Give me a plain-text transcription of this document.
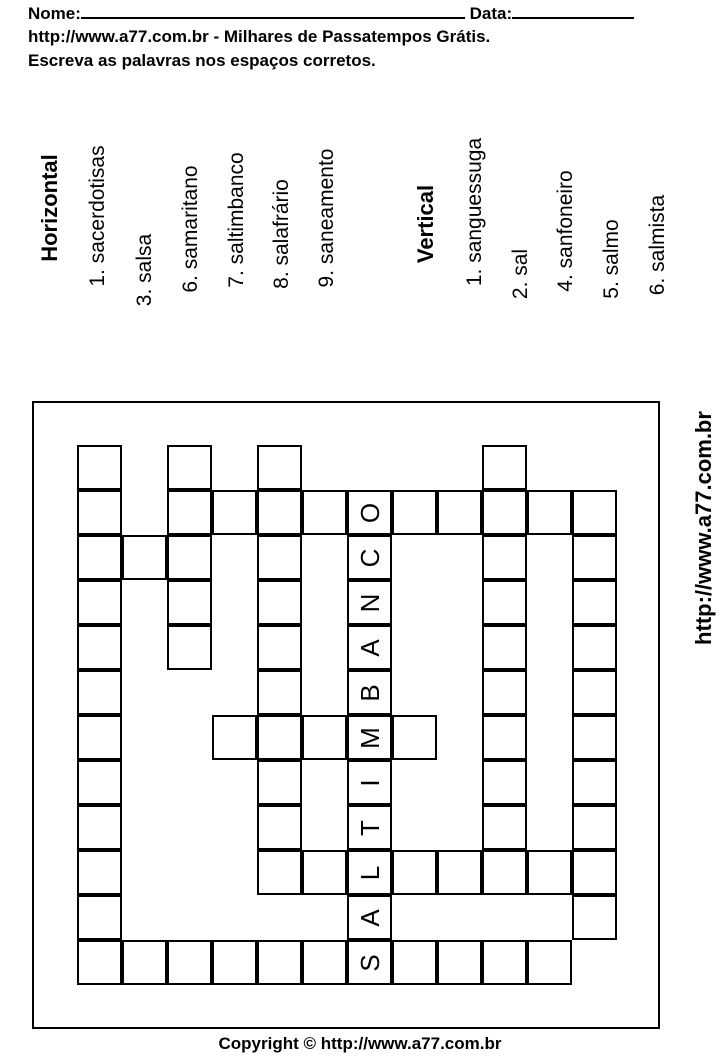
Nome:	Data:
http://www.a77.com.br - Milhares de Passatempos Grátis.
Escreva as palavras nos espaços corretos.
Horizontal 1. sacerdotisas 3. salsa 6. samaritano 7. saltimbanco 8. salafrário 9. saneamento	Vertical 1. sanguessuga 2. sal 4. sanfoneiro 5. salmo 6. salmista
O
C
N
A
B
M
I
T
L
A
S
http://www.a77.com.br
Copyright © http://www.a77.com.br
